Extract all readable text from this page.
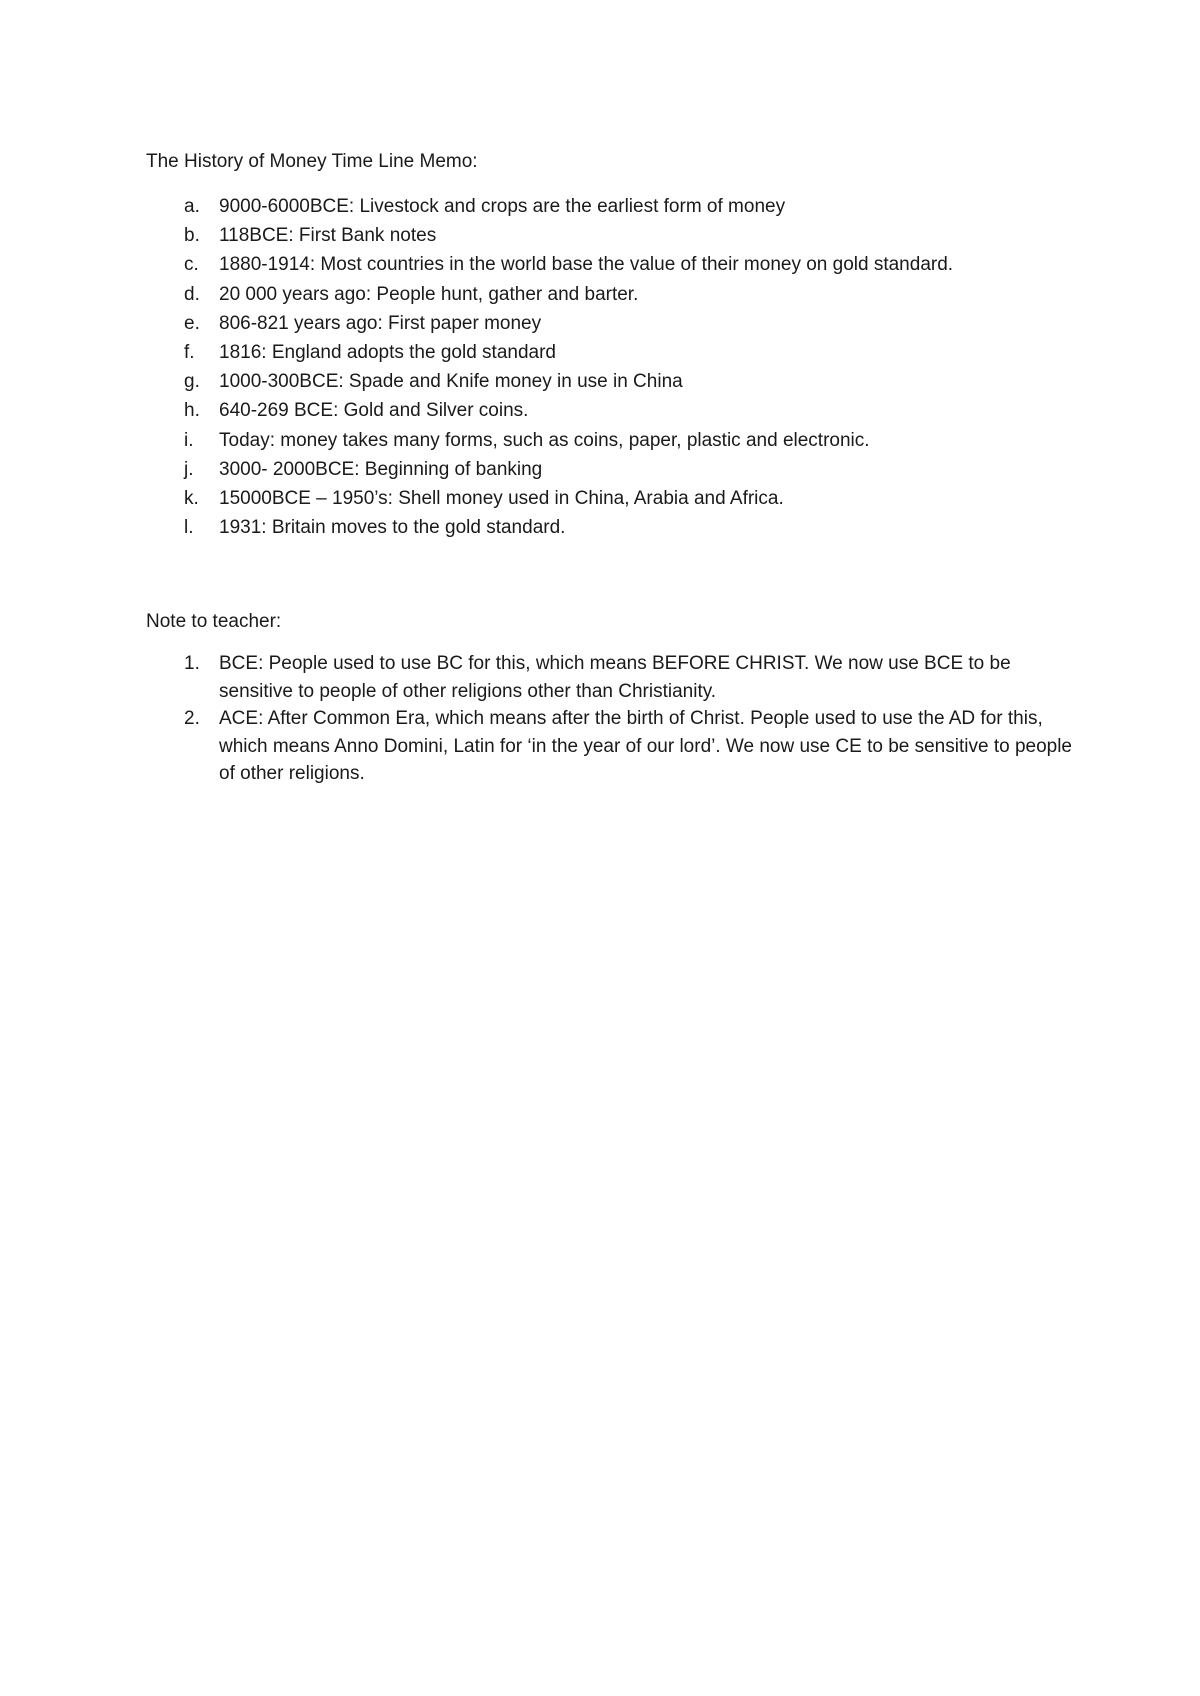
The History of Money Time Line Memo:
a.	9000-6000BCE: Livestock and crops are the earliest form of money
b.	118BCE: First Bank notes
c.	1880-1914: Most countries in the world base the value of their money on gold standard.
d.	20 000 years ago: People hunt, gather and barter.
e.	806-821 years ago: First paper money
f.	1816: England adopts the gold standard
g.	1000-300BCE: Spade and Knife money in use in China
h.	640-269 BCE: Gold and Silver coins.
i.	Today: money takes many forms, such as coins, paper, plastic and electronic.
j.	3000- 2000BCE: Beginning of banking
k.	15000BCE – 1950’s: Shell money used in China, Arabia and Africa.
l.	1931: Britain moves to the gold standard.
Note to teacher:
1.	BCE: People used to use BC for this, which means BEFORE CHRIST. We now use BCE to be sensitive to people of other religions other than Christianity.
2.	ACE: After Common Era, which means after the birth of Christ. People used to use the AD for this, which means Anno Domini, Latin for ‘in the year of our lord’. We now use CE to be sensitive to people of other religions.
